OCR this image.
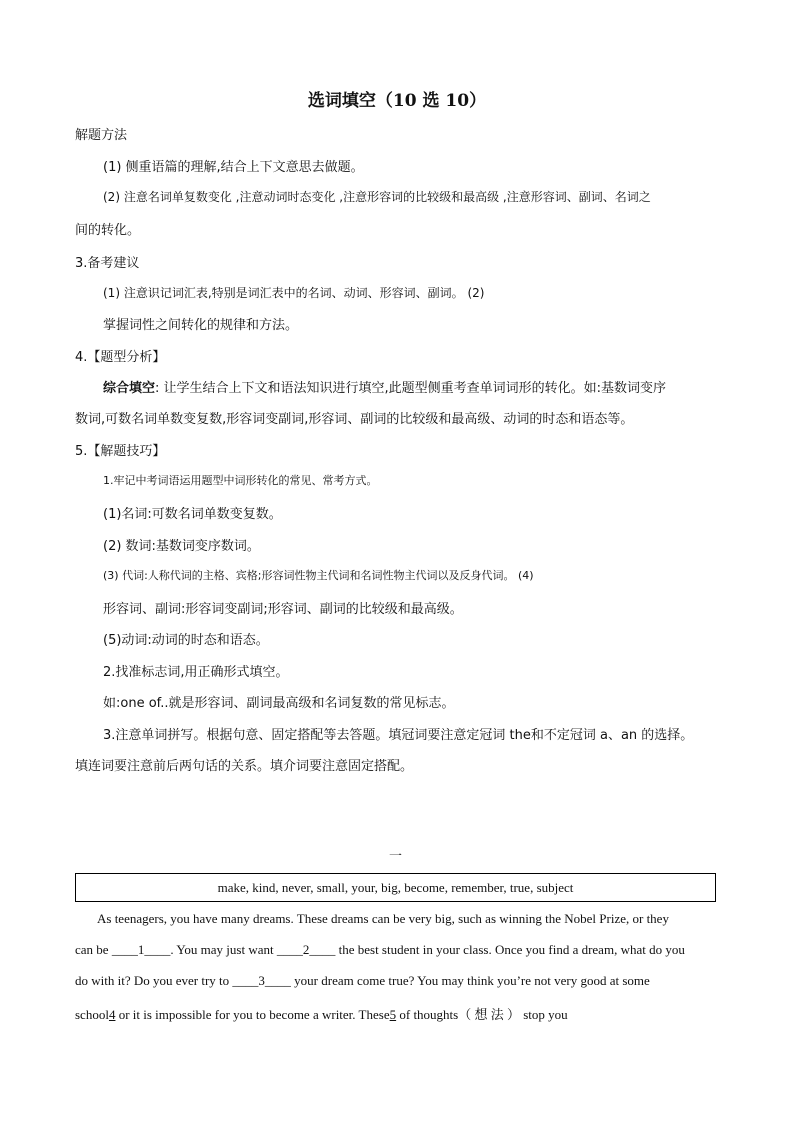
选词填空（10 选 10）
解题方法
(1) 侧重语篇的理解,结合上下文意思去做题。
(2) 注意名词单复数变化 ,注意动词时态变化 ,注意形容词的比较级和最高级 ,注意形容词、副词、名词之
间的转化。
3.备考建议
(1) 注意识记词汇表,特别是词汇表中的名词、动词、形容词、副词。 (2)
掌握词性之间转化的规律和方法。
4.【题型分析】
综合填空: 让学生结合上下文和语法知识进行填空,此题型侧重考查单词词形的转化。如:基数词变序
数词,可数名词单数变复数,形容词变副词,形容词、副词的比较级和最高级、动词的时态和语态等。
5.【解题技巧】
1.牢记中考词语运用题型中词形转化的常见、常考方式。
(1)名词:可数名词单数变复数。
(2) 数词:基数词变序数词。
(3) 代词:人称代词的主格、宾格;形容词性物主代词和名词性物主代词以及反身代词。 (4)
形容词、副词:形容词变副词;形容词、副词的比较级和最高级。
(5)动词:动词的时态和语态。
2.找准标志词,用正确形式填空。
如:one of..就是形容词、副词最高级和名词复数的常见标志。
3.注意单词拼写。根据句意、固定搭配等去答题。填冠词要注意定冠词 the和不定冠词 a、an 的选择。
填连词要注意前后两句话的关系。填介词要注意固定搭配。
一
make, kind, never, small, your, big, become, remember, true, subject
As teenagers, you have many dreams. These dreams can be very big, such as winning the Nobel Prize, or they
can be ____1____. You may just want ____2____ the best student in your class. Once you find a dream, what do you
do with it? Do you ever try to ____3____ your dream come true? You may think you’re not very good at some
school4 or it is impossible for you to become a writer. These5 of thoughts（ 想 法 ） stop you
